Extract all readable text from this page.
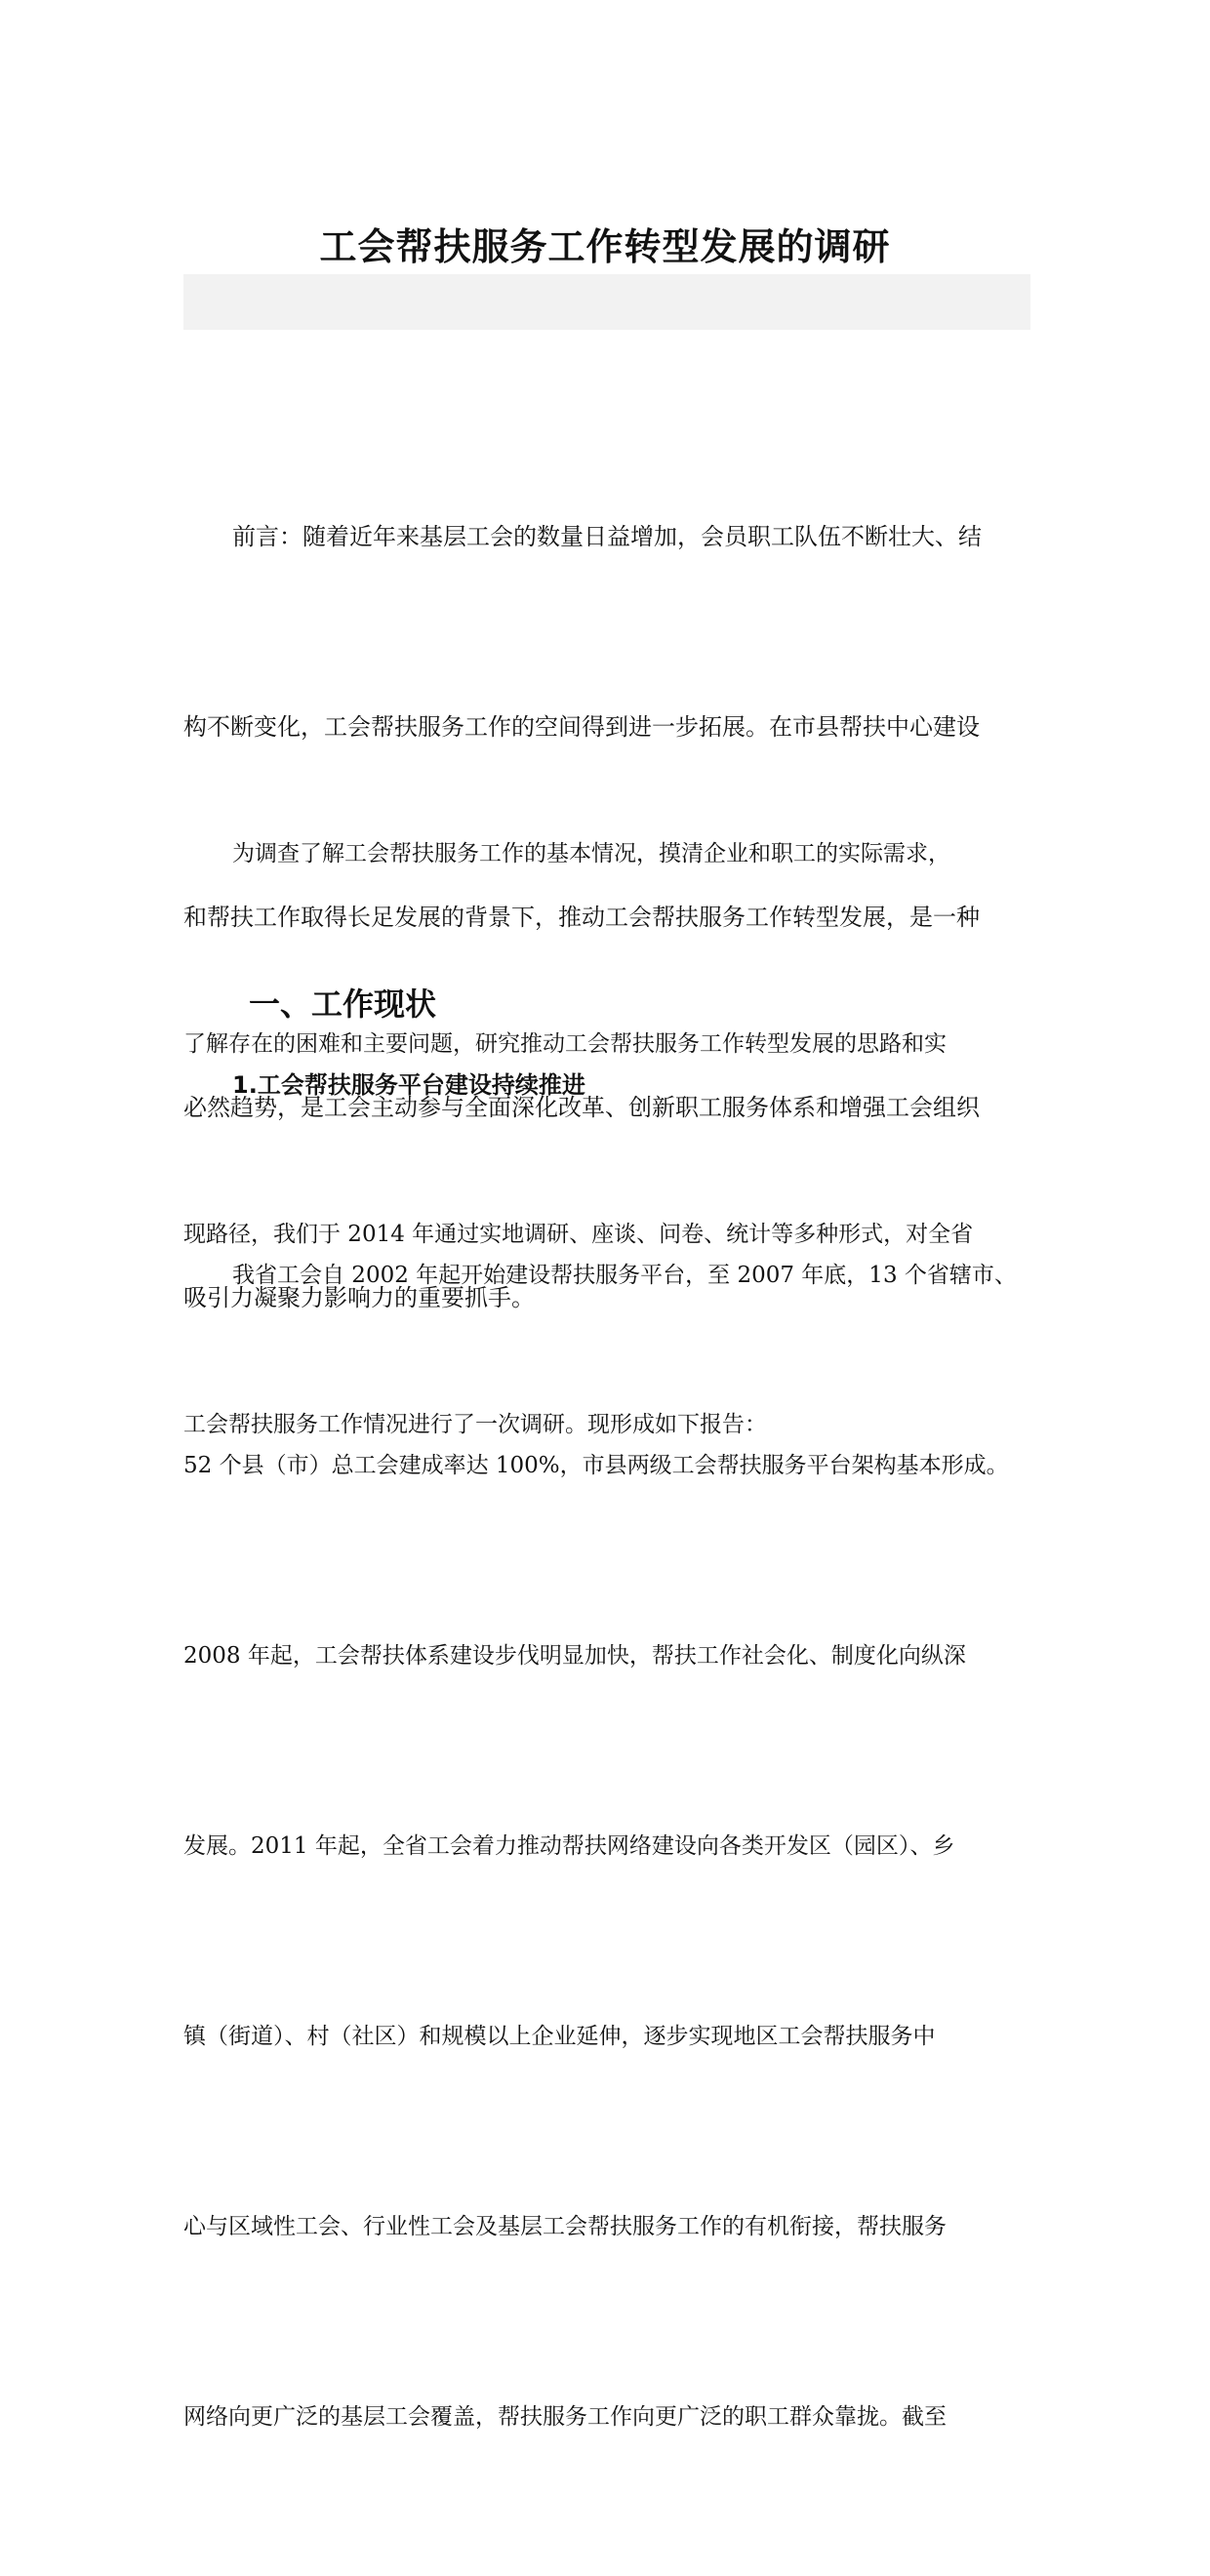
工会帮扶服务工作转型发展的调研

前言：随着近年来基层工会的数量日益增加，会员职工队伍不断壮大、结

构不断变化，工会帮扶服务工作的空间得到进一步拓展。在市县帮扶中心建设

和帮扶工作取得长足发展的背景下，推动工会帮扶服务工作转型发展，是一种

必然趋势，是工会主动参与全面深化改革、创新职工服务体系和增强工会组织

吸引力凝聚力影响力的重要抓手。

为调查了解工会帮扶服务工作的基本情况，摸清企业和职工的实际需求，

了解存在的困难和主要问题，研究推动工会帮扶服务工作转型发展的思路和实

现路径，我们于 2014 年通过实地调研、座谈、问卷、统计等多种形式，对全省

工会帮扶服务工作情况进行了一次调研。现形成如下报告：

一、工作现状
1.工会帮扶服务平台建设持续推进

我省工会自 2002 年起开始建设帮扶服务平台，至 2007 年底，13 个省辖市、

52 个县（市）总工会建成率达 100%，市县两级工会帮扶服务平台架构基本形成。

2008 年起，工会帮扶体系建设步伐明显加快，帮扶工作社会化、制度化向纵深

发展。2011 年起，全省工会着力推动帮扶网络建设向各类开发区（园区）、乡

镇（街道）、村（社区）和规模以上企业延伸，逐步实现地区工会帮扶服务中

心与区域性工会、行业性工会及基层工会帮扶服务工作的有机衔接，帮扶服务

网络向更广泛的基层工会覆盖，帮扶服务工作向更广泛的职工群众靠拢。截至
